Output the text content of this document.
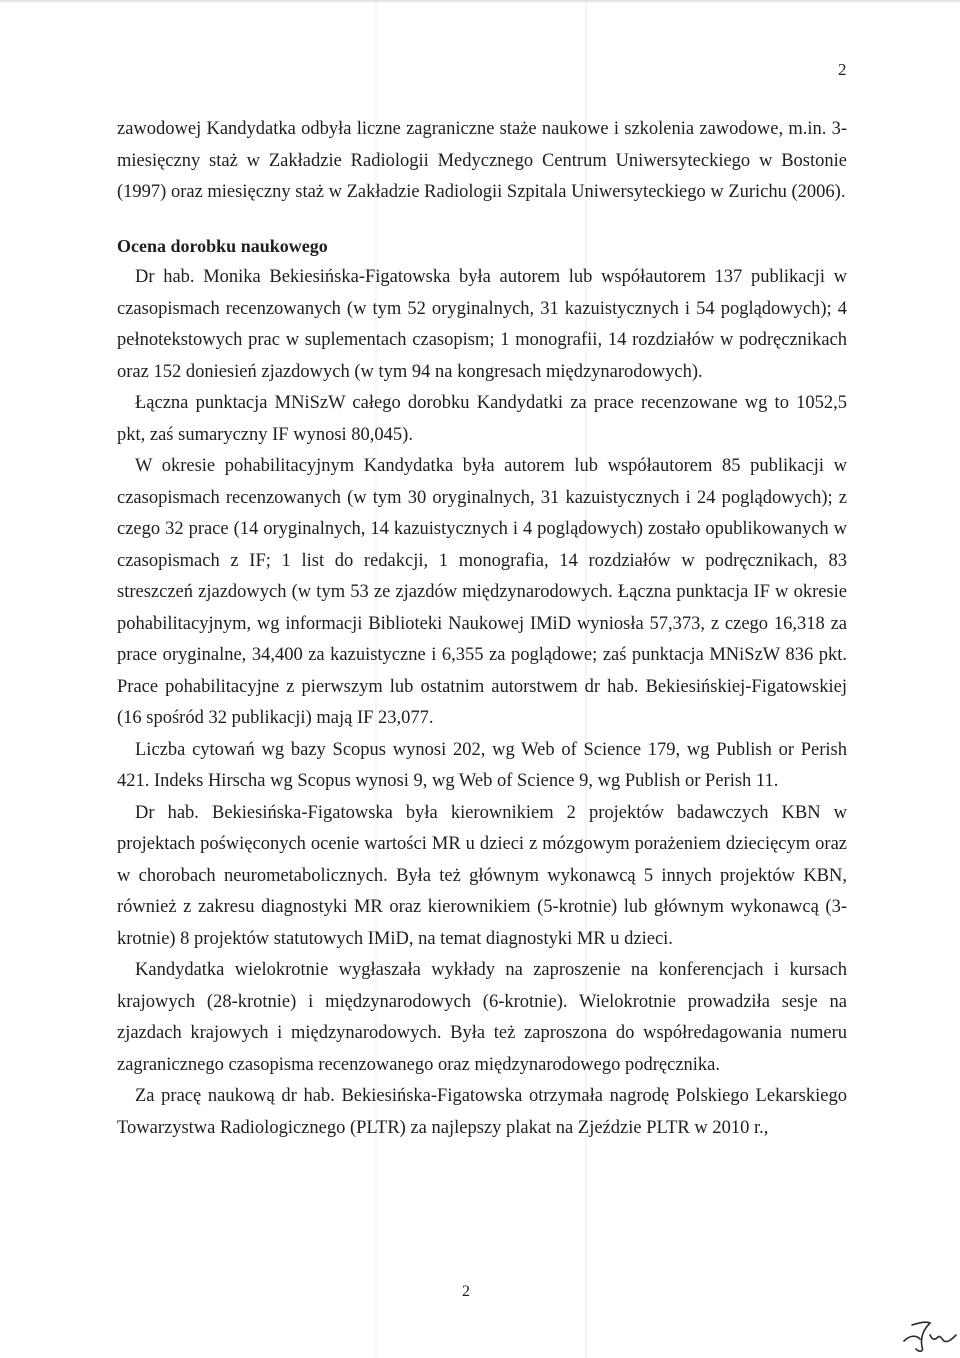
2

zawodowej Kandydatka odbyła liczne zagraniczne staże naukowe i szkolenia zawodowe, m.in. 3-miesięczny staż w Zakładzie Radiologii Medycznego Centrum Uniwersyteckiego w Bostonie (1997) oraz miesięczny staż w Zakładzie Radiologii Szpitala Uniwersyteckiego w Zurichu (2006).

Ocena dorobku naukowego

Dr hab. Monika Bekiesińska-Figatowska była autorem lub współautorem 137 publikacji w czasopismach recenzowanych (w tym 52 oryginalnych, 31 kazuistycznych i 54 poglądowych); 4 pełnotekstowych prac w suplementach czasopism; 1 monografii, 14 rozdziałów w podręcznikach oraz 152 doniesień zjazdowych (w tym 94 na kongresach międzynarodowych).

Łączna punktacja MNiSzW całego dorobku Kandydatki za prace recenzowane wg to 1052,5 pkt, zaś sumaryczny IF wynosi 80,045).

W okresie pohabilitacyjnym Kandydatka była autorem lub współautorem 85 publikacji w czasopismach recenzowanych (w tym 30 oryginalnych, 31 kazuistycznych i 24 poglądowych); z czego 32 prace (14 oryginalnych, 14 kazuistycznych i 4 poglądowych) zostało opublikowanych w czasopismach z IF; 1 list do redakcji, 1 monografia, 14 rozdziałów w podręcznikach, 83 streszczeń zjazdowych (w tym 53 ze zjazdów międzynarodowych. Łączna punktacja IF w okresie pohabilitacyjnym, wg informacji Biblioteki Naukowej IMiD wyniosła 57,373, z czego 16,318 za prace oryginalne, 34,400 za kazuistyczne i 6,355 za poglądowe; zaś punktacja MNiSzW 836 pkt. Prace pohabilitacyjne z pierwszym lub ostatnim autorstwem dr hab. Bekiesińskiej-Figatowskiej (16 spośród 32 publikacji) mają IF 23,077.

Liczba cytowań wg bazy Scopus wynosi 202, wg Web of Science 179, wg Publish or Perish 421. Indeks Hirscha wg Scopus wynosi 9, wg Web of Science 9, wg Publish or Perish 11.

Dr hab. Bekiesińska-Figatowska była kierownikiem 2 projektów badawczych KBN w projektach poświęconych ocenie wartości MR u dzieci z mózgowym porażeniem dziecięcym oraz w chorobach neurometabolicznych. Była też głównym wykonawcą 5 innych projektów KBN, również z zakresu diagnostyki MR oraz kierownikiem (5-krotnie) lub głównym wykonawcą (3-krotnie) 8 projektów statutowych IMiD, na temat diagnostyki MR u dzieci.

Kandydatka wielokrotnie wygłaszała wykłady na zaproszenie na konferencjach i kursach krajowych (28-krotnie) i międzynarodowych (6-krotnie). Wielokrotnie prowadziła sesje na zjazdach krajowych i międzynarodowych. Była też zaproszona do współredagowania numeru zagranicznego czasopisma recenzowanego oraz międzynarodowego podręcznika.

Za pracę naukową dr hab. Bekiesińska-Figatowska otrzymała nagrodę Polskiego Lekarskiego Towarzystwa Radiologicznego (PLTR) za najlepszy plakat na Zjeździe PLTR w 2010 r.,

2
